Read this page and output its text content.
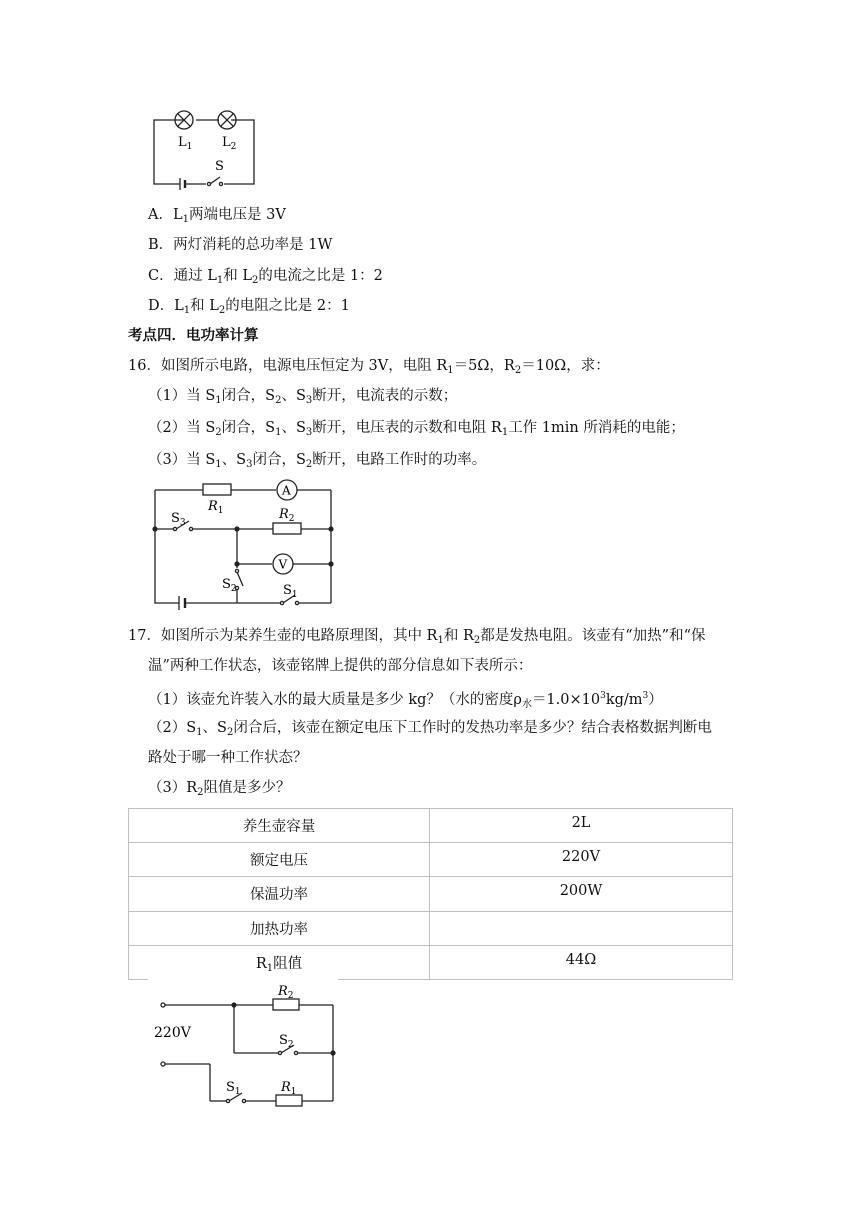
$L_1$ $L_2$
S
A．$L_1$两端电压是 3V
B．两灯消耗的总功率是 1W
C．通过 $L_1$和 $L_2$的电流之比是 1：2
D．$L_1$和 $L_2$的电阻之比是 2：1
考点四．电功率计算
16．如图所示电路，电源电压恒定为 3V，电阻 $R_1=5\Omega$，$R_2=10\Omega$，求：
（1）当 $S_1$闭合，$S_2$、$S_3$断开，电流表的示数；
（2）当 $S_2$闭合，$S_1$、$S_3$断开，电压表的示数和电阻 $R_1$工作 1min 所消耗的电能；
（3）当 $S_1$、$S_3$闭合，$S_2$断开，电路工作时的功率。
A
V
$R_1$	$R_2$
$S_3$
$S_2$	$S_1$
17．如图所示为某养生壶的电路原理图，其中 $R_1$和 $R_2$都是发热电阻。该壶有“加热”和“保
温”两种工作状态，该壶铭牌上提供的部分信息如下表所示：
（1）该壶允许装入水的最大质量是多少 kg？（水的密度$\rho_水=1.0\times 10^3kg/m^3$）
$(2)S_1$、$S_2$闭合后，该壶在额定电压下工作时的发热功率是多少？结合表格数据判断电
路处于哪一种工作状态？
$(3)R_2$阻值是多少？
养生壶容量	2L
额定电压	220V
保温功率	200W
加热功率	
$R_1$阻值	44Ω
220V
$R_2$
$S_2$
$S_1$	$R_1$
